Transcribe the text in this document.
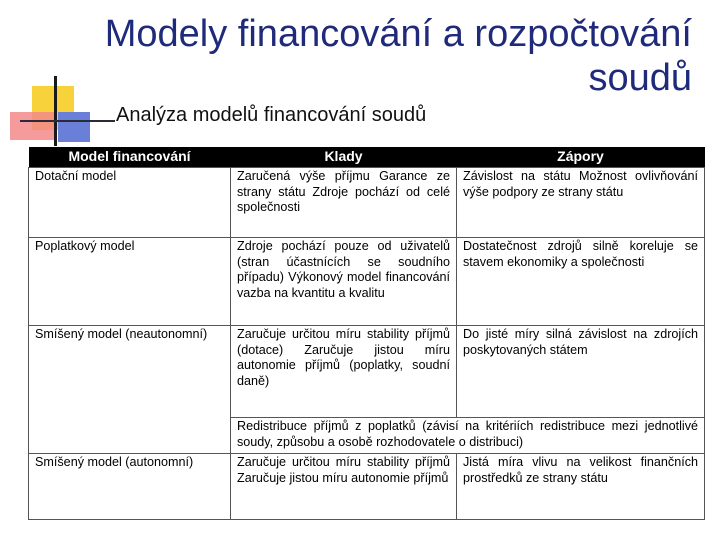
Modely financování a rozpočtování soudů
Analýza modelů financování soudů
Model financování	Klady	Zápory
Dotační model	Zaručená výše příjmu Garance ze strany státu Zdroje pochází od celé společnosti	Závislost na státu Možnost ovlivňování výše podpory ze strany státu
Poplatkový model	Zdroje pochází pouze od uživatelů (stran účastnících se soudního případu) Výkonový model financování vazba na kvantitu a kvalitu	Dostatečnost zdrojů silně koreluje se stavem ekonomiky a společnosti
Smíšený model (neautonomní)	Zaručuje určitou míru stability příjmů (dotace) Zaručuje jistou míru autonomie příjmů (poplatky, soudní daně)	Do jisté míry silná závislost na zdrojích poskytovaných státem
	Redistribuce příjmů z poplatků (závisí na kritériích redistribuce mezi jednotlivé soudy, způsobu a osobě rozhodovatele o distribuci)	
Smíšený model (autonomní)	Zaručuje určitou míru stability příjmů Zaručuje jistou míru autonomie příjmů	Jistá míra vlivu na velikost finančních prostředků ze strany státu
